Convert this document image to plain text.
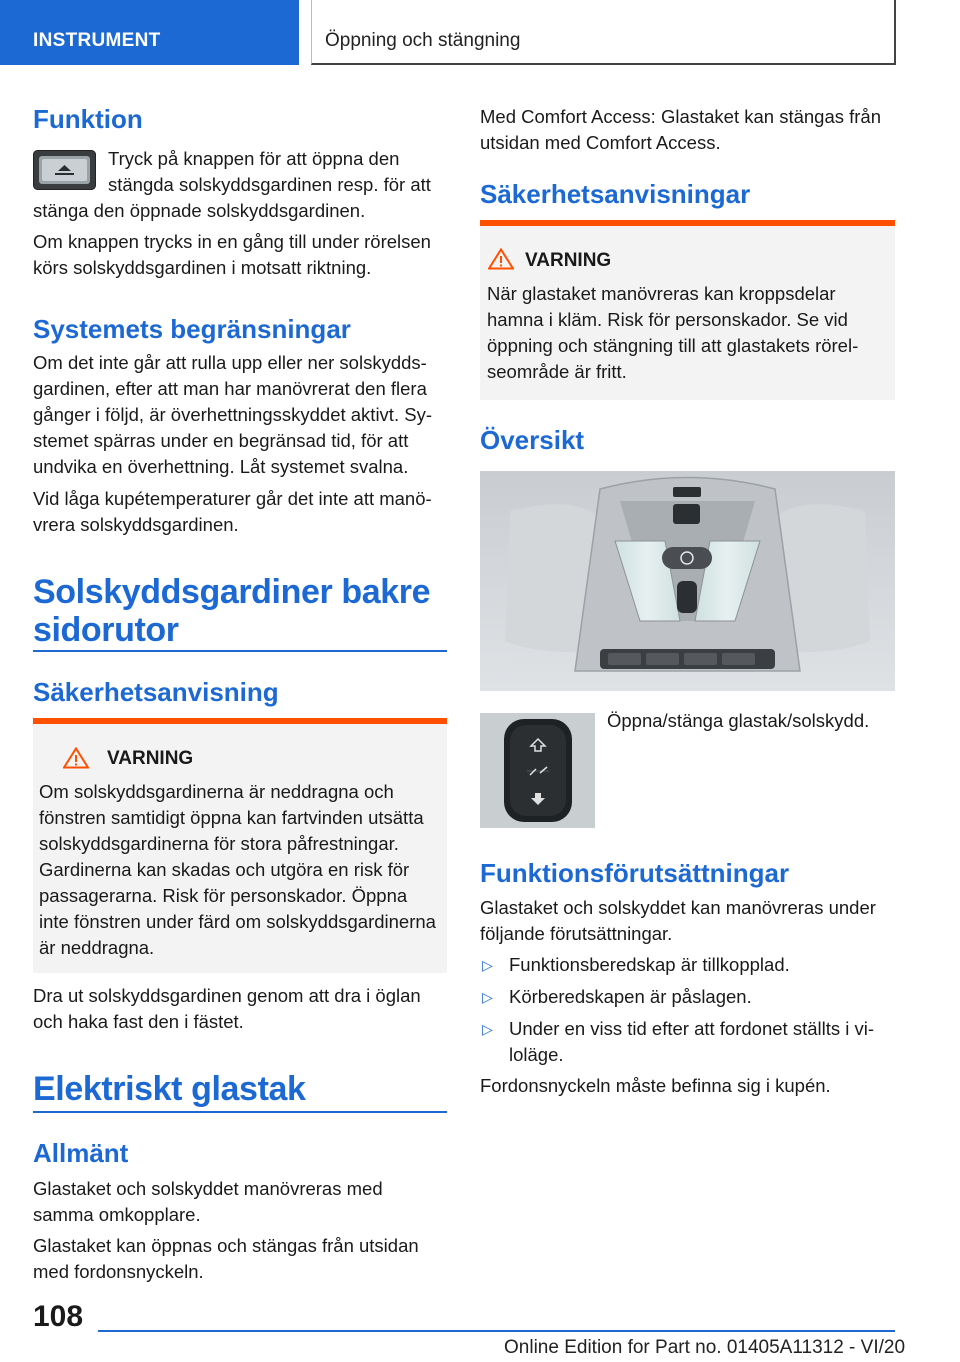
INSTRUMENT	Öppning och stängning
Funktion

Tryck på knappen för att öppna den

stängda solskyddsgardinen resp. för att

stänga den öppnade solskyddsgardinen.

Om knappen trycks in en gång till under rörelsen körs solskyddsgardinen i motsatt riktning.

Systemets begränsningar

Om det inte går att rulla upp eller ner solskyddsgardinen, efter att man har manövrerat den flera gånger i följd, är överhettningsskyddet aktivt. Systemet spärras under en begränsad tid, för att undvika en överhettning. Låt systemet svalna.

Vid låga kupétemperaturer går det inte att manövrera solskyddsgardinen.

Solskyddsgardiner bakre sidorutor
Säkerhetsanvisning
VARNING

Om solskyddsgardinerna är neddragna och fönstren samtidigt öppna kan fartvinden utsätta solskyddsgardinerna för stora påfrestningar. Gardinerna kan skadas och utgöra en risk för passagerarna. Risk för personskador. Öppna inte fönstren under färd om solskyddsgardinerna är neddragna.

Dra ut solskyddsgardinen genom att dra i öglan och haka fast den i fästet.

Elektriskt glastak
Allmänt

Glastaket och solskyddet manövreras med samma omkopplare.

Glastaket kan öppnas och stängas från utsidan med fordonsnyckeln.

Med Comfort Access: Glastaket kan stängas från utsidan med Comfort Access.

Säkerhetsanvisningar
VARNING

När glastaket manövreras kan kroppsdelar hamna i kläm. Risk för personskador. Se vid öppning och stängning till att glastakets rörelseområde är fritt.

Översikt

Öppna/stänga glastak/solskydd.

Funktionsförutsättningar

Glastaket och solskyddet kan manövreras under följande förutsättningar.

▷ Funktionsberedskap är tillkopplad.

▷ Körberedskapen är påslagen.

▷ Under en viss tid efter att fordonet ställts i viloläge.

Fordonsnyckeln måste befinna sig i kupén.

108
Online Edition for Part no. 01405A11312 - VI/20
